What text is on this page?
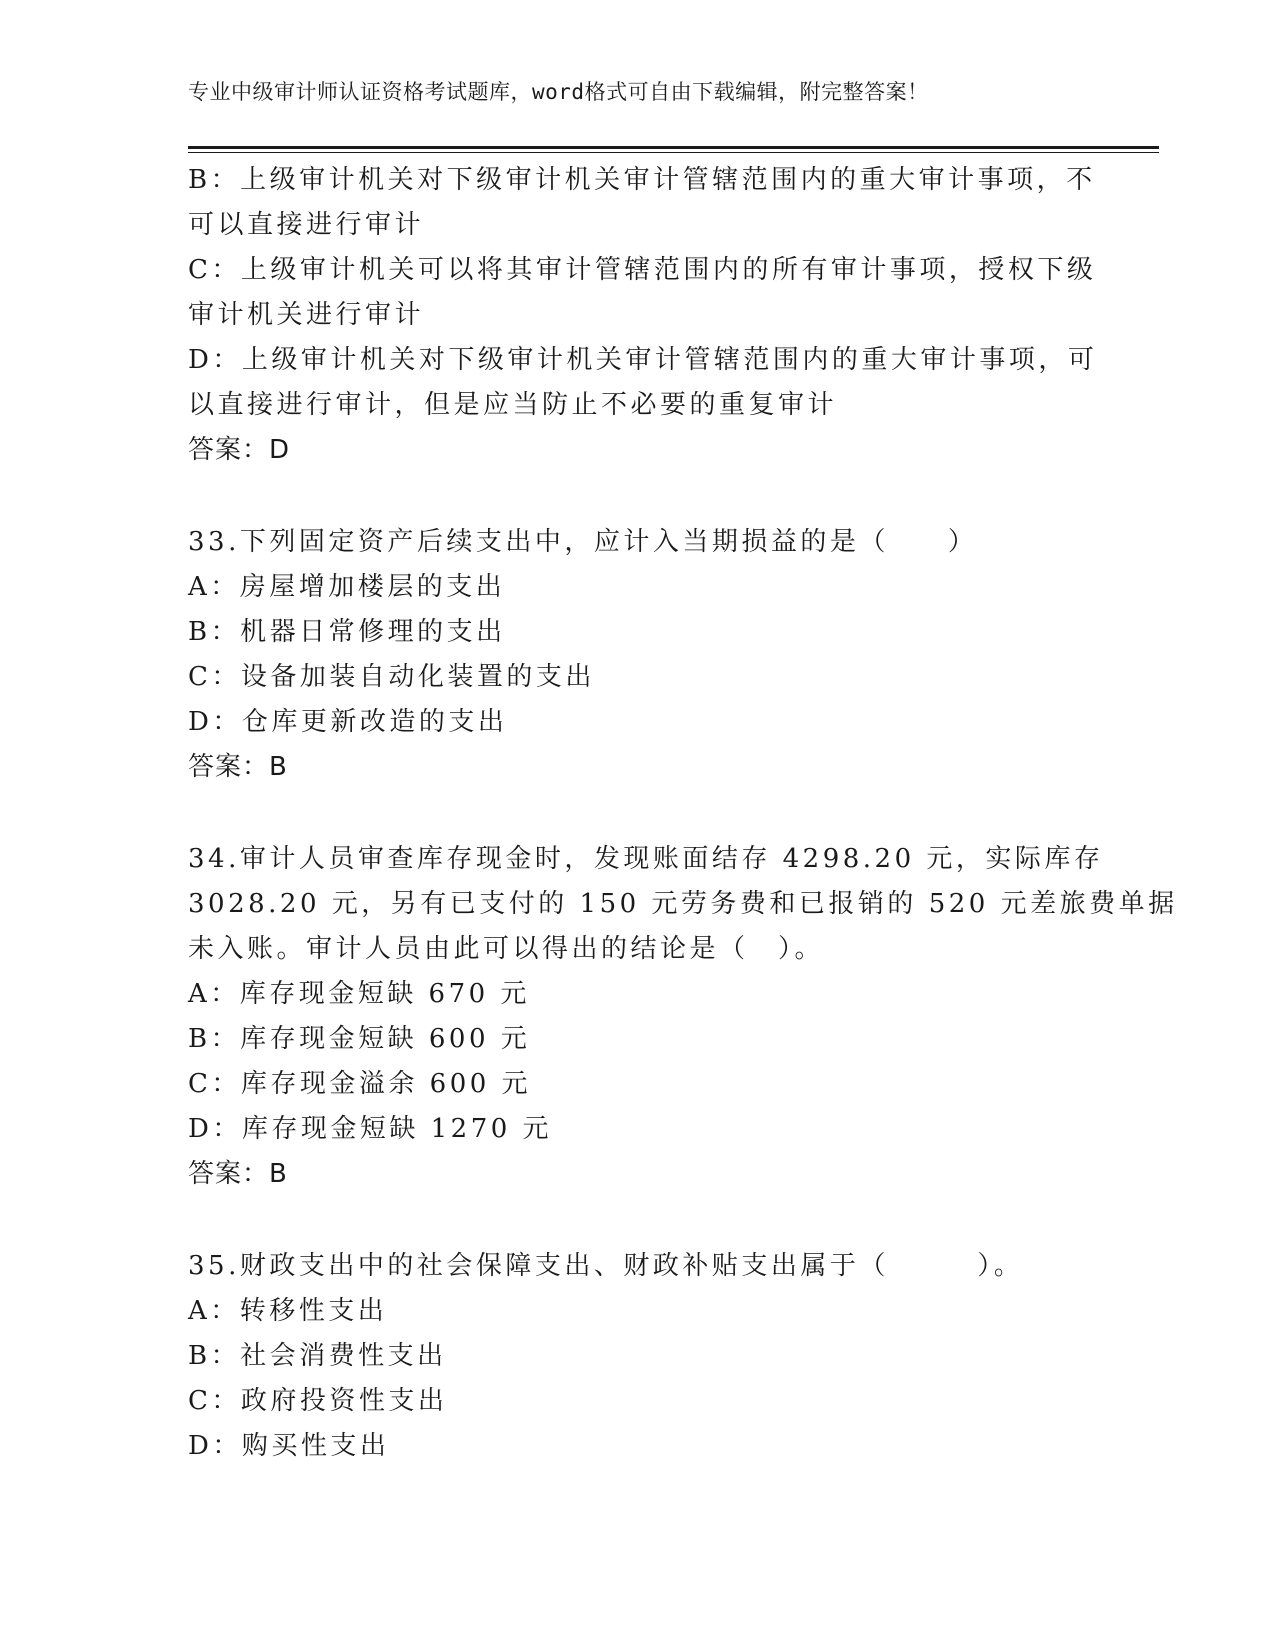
专业中级审计师认证资格考试题库，word格式可自由下载编辑，附完整答案！
B：上级审计机关对下级审计机关审计管辖范围内的重大审计事项，不
可以直接进行审计
C：上级审计机关可以将其审计管辖范围内的所有审计事项，授权下级
审计机关进行审计
D：上级审计机关对下级审计机关审计管辖范围内的重大审计事项，可
以直接进行审计，但是应当防止不必要的重复审计
答案：D
33.下列固定资产后续支出中，应计入当期损益的是（　　）
A：房屋增加楼层的支出
B：机器日常修理的支出
C：设备加装自动化装置的支出
D：仓库更新改造的支出
答案：B
34.审计人员审查库存现金时，发现账面结存 4298.20 元，实际库存
3028.20 元，另有已支付的 150 元劳务费和已报销的 520 元差旅费单据
未入账。审计人员由此可以得出的结论是（　）。
A：库存现金短缺 670 元
B：库存现金短缺 600 元
C：库存现金溢余 600 元
D：库存现金短缺 1270 元
答案：B
35.财政支出中的社会保障支出、财政补贴支出属于（　　　）。
A：转移性支出
B：社会消费性支出
C：政府投资性支出
D：购买性支出
